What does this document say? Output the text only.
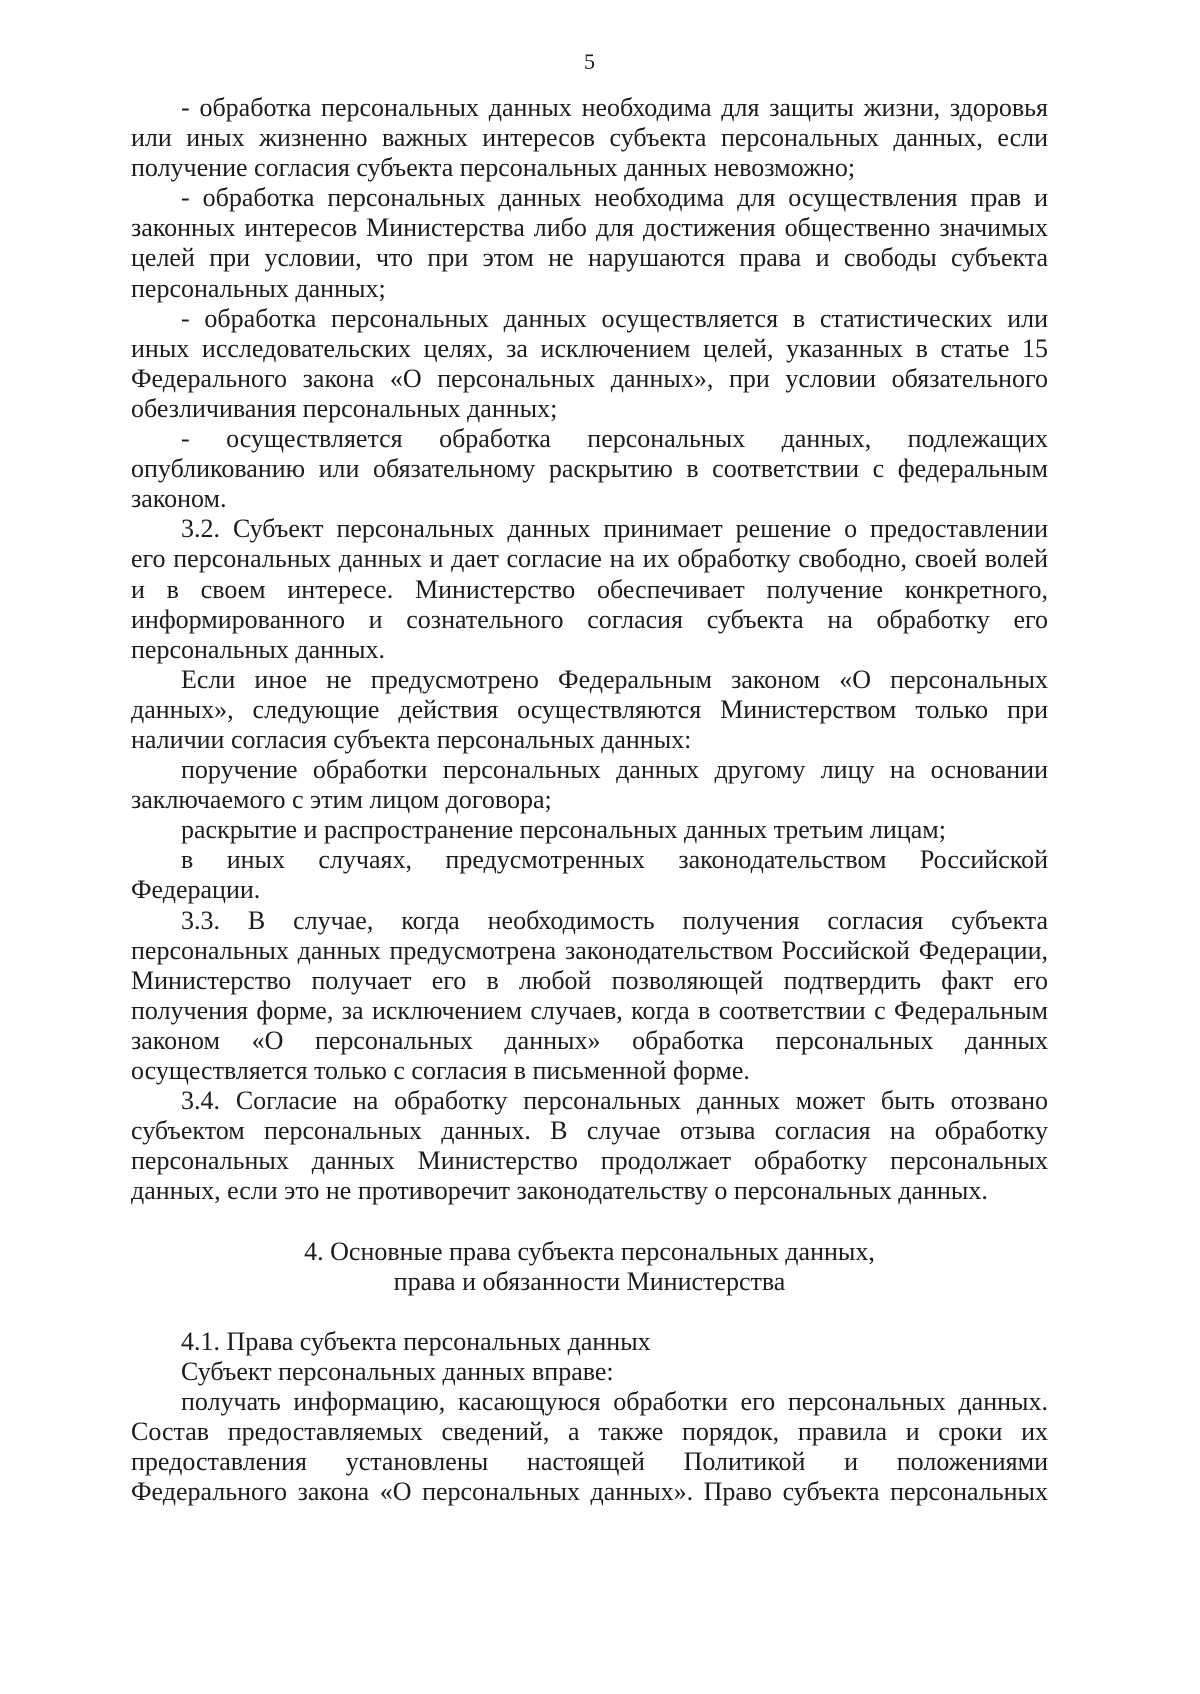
5
- обработка персональных данных необходима для защиты жизни, здоровья
или иных жизненно важных интересов субъекта персональных данных, если
получение согласия субъекта персональных данных невозможно;
- обработка персональных данных необходима для осуществления прав и
законных интересов Министерства либо для достижения общественно значимых
целей при условии, что при этом не нарушаются права и свободы субъекта
персональных данных;
- обработка персональных данных осуществляется в статистических или
иных исследовательских целях, за исключением целей, указанных в статье 15
Федерального закона «О персональных данных», при условии обязательного
обезличивания персональных данных;
- осуществляется обработка персональных данных, подлежащих
опубликованию или обязательному раскрытию в соответствии с федеральным
законом.
3.2. Субъект персональных данных принимает решение о предоставлении
его персональных данных и дает согласие на их обработку свободно, своей волей
и в своем интересе. Министерство обеспечивает получение конкретного,
информированного и сознательного согласия субъекта на обработку его
персональных данных.
Если иное не предусмотрено Федеральным законом «О персональных
данных», следующие действия осуществляются Министерством только при
наличии согласия субъекта персональных данных:
поручение обработки персональных данных другому лицу на основании
заключаемого с этим лицом договора;
раскрытие и распространение персональных данных третьим лицам;
в иных случаях, предусмотренных законодательством Российской
Федерации.
3.3. В случае, когда необходимость получения согласия субъекта
персональных данных предусмотрена законодательством Российской Федерации,
Министерство получает его в любой позволяющей подтвердить факт его
получения форме, за исключением случаев, когда в соответствии с Федеральным
законом «О персональных данных» обработка персональных данных
осуществляется только с согласия в письменной форме.
3.4. Согласие на обработку персональных данных может быть отозвано
субъектом персональных данных. В случае отзыва согласия на обработку
персональных данных Министерство продолжает обработку персональных
данных, если это не противоречит законодательству о персональных данных.
4. Основные права субъекта персональных данных,
права и обязанности Министерства
4.1. Права субъекта персональных данных
Субъект персональных данных вправе:
получать информацию, касающуюся обработки его персональных данных.
Состав предоставляемых сведений, а также порядок, правила и сроки их
предоставления установлены настоящей Политикой и положениями
Федерального закона «О персональных данных». Право субъекта персональных
